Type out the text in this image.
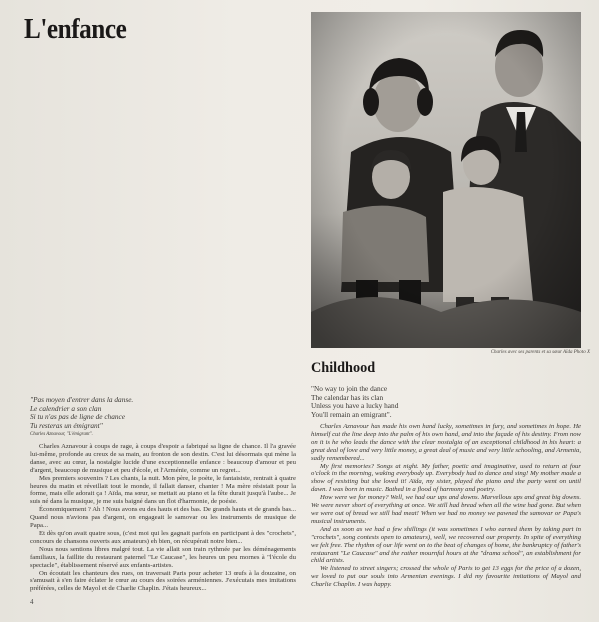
L'enfance
Charles avec ses parents et sa sœur Aïda Photo X
Childhood
"Pas moyen d'entrer dans la danse.
Le calendrier a son clan
Si tu n'as pas de ligne de chance
Tu resteras un émigrant"
Charles Aznavour, "L'émigrant".
"No way to join the dance
The calendar has its clan
Unless you have a lucky hand
You'll remain an emigrant".

Charles Aznavour à coups de rage, à coups d'espoir a fabriqué sa ligne de chance. Il l'a gravée lui-même, profonde au creux de sa main, au fronton de son destin. C'est lui désormais qui mène la danse, avec au cœur, la nostalgie lucide d'une exceptionnelle enfance : beaucoup d'amour et peu d'argent, beaucoup de musique et peu d'école, et l'Arménie, comme un regret...

Mes premiers souvenirs ? Les chants, la nuit. Mon père, le poète, le fantaisiste, rentrait à quatre heures du matin et réveillait tout le monde, il fallait danser, chanter ! Ma mère résistait pour la forme, mais elle adorait ça ! Aïda, ma sœur, se mettait au piano et la fête durait jusqu'à l'aube... Je suis né dans la musique, je me suis baigné dans un flot d'harmonie, de poésie.

Économiquement ? Ah ! Nous avons eu des hauts et des bas. De grands hauts et de grands bas... Quand nous n'avions pas d'argent, on engageait le samovar ou les instruments de musique de Papa...

Et dès qu'on avait quatre sous, (c'est moi qui les gagnait parfois en participant à des "crochets", concours de chansons ouverts aux amateurs) eh bien, on récupérait notre bien...

Nous nous sentions libres malgré tout. La vie allait son train rythmée par les déménagements familiaux, la faillite du restaurant paternel "Le Caucase", les heures un peu mornes à "l'école du spectacle", établissement réservé aux enfants-artistes.

On écoutait les chanteurs des rues, on traversait Paris pour acheter 13 œufs à la douzaine, on s'amusait à s'en faire éclater le cœur au cours des soirées arméniennes. J'exécutais mes imitations préférées, celles de Mayol et de Charlie Chaplin. J'étais heureux...

Charles Aznavour has made his own hand lucky, sometimes in fury, and sometimes in hope. He himself cut the line deep into the palm of his own hand, and into the façade of his destiny. From now on it is he who leads the dance with the clear nostalgia of an exceptional childhood in his heart: a great deal of love and very little money, a great deal of music and very little schooling, and Armenia, sadly remembered...

My first memories? Songs at night. My father, poetic and imaginative, used to return at four o'clock in the morning, waking everybody up. Everybody had to dance and sing! My mother made a show of resisting but she loved it! Aïda, my sister, played the piano and the party went on until dawn. I was born in music. Bathed in a flood of harmony and poetry.

How were we for money? Well, we had our ups and downs. Marvellous ups and great big downs. We were never short of everything at once. We still had bread when all the wine had gone. But when we were out of bread we still had meat! When we had no money we pawned the samovar or Papa's musical instruments.

And as soon as we had a few shillings (it was sometimes I who earned them by taking part in "crochets", song contests open to amateurs), well, we recovered our property. In spite of everything we felt free. The rhythm of our life went on to the beat of changes of home, the bankruptcy of father's restaurant "Le Caucase" and the rather mournful hours at the "drama school", an establishment for child artists.

We listened to street singers; crossed the whole of Paris to get 13 eggs for the price of a dozen, we loved to put our souls into Armenian evenings. I did my favourite imitations of Mayol and Charlie Chaplin. I was happy.

4
